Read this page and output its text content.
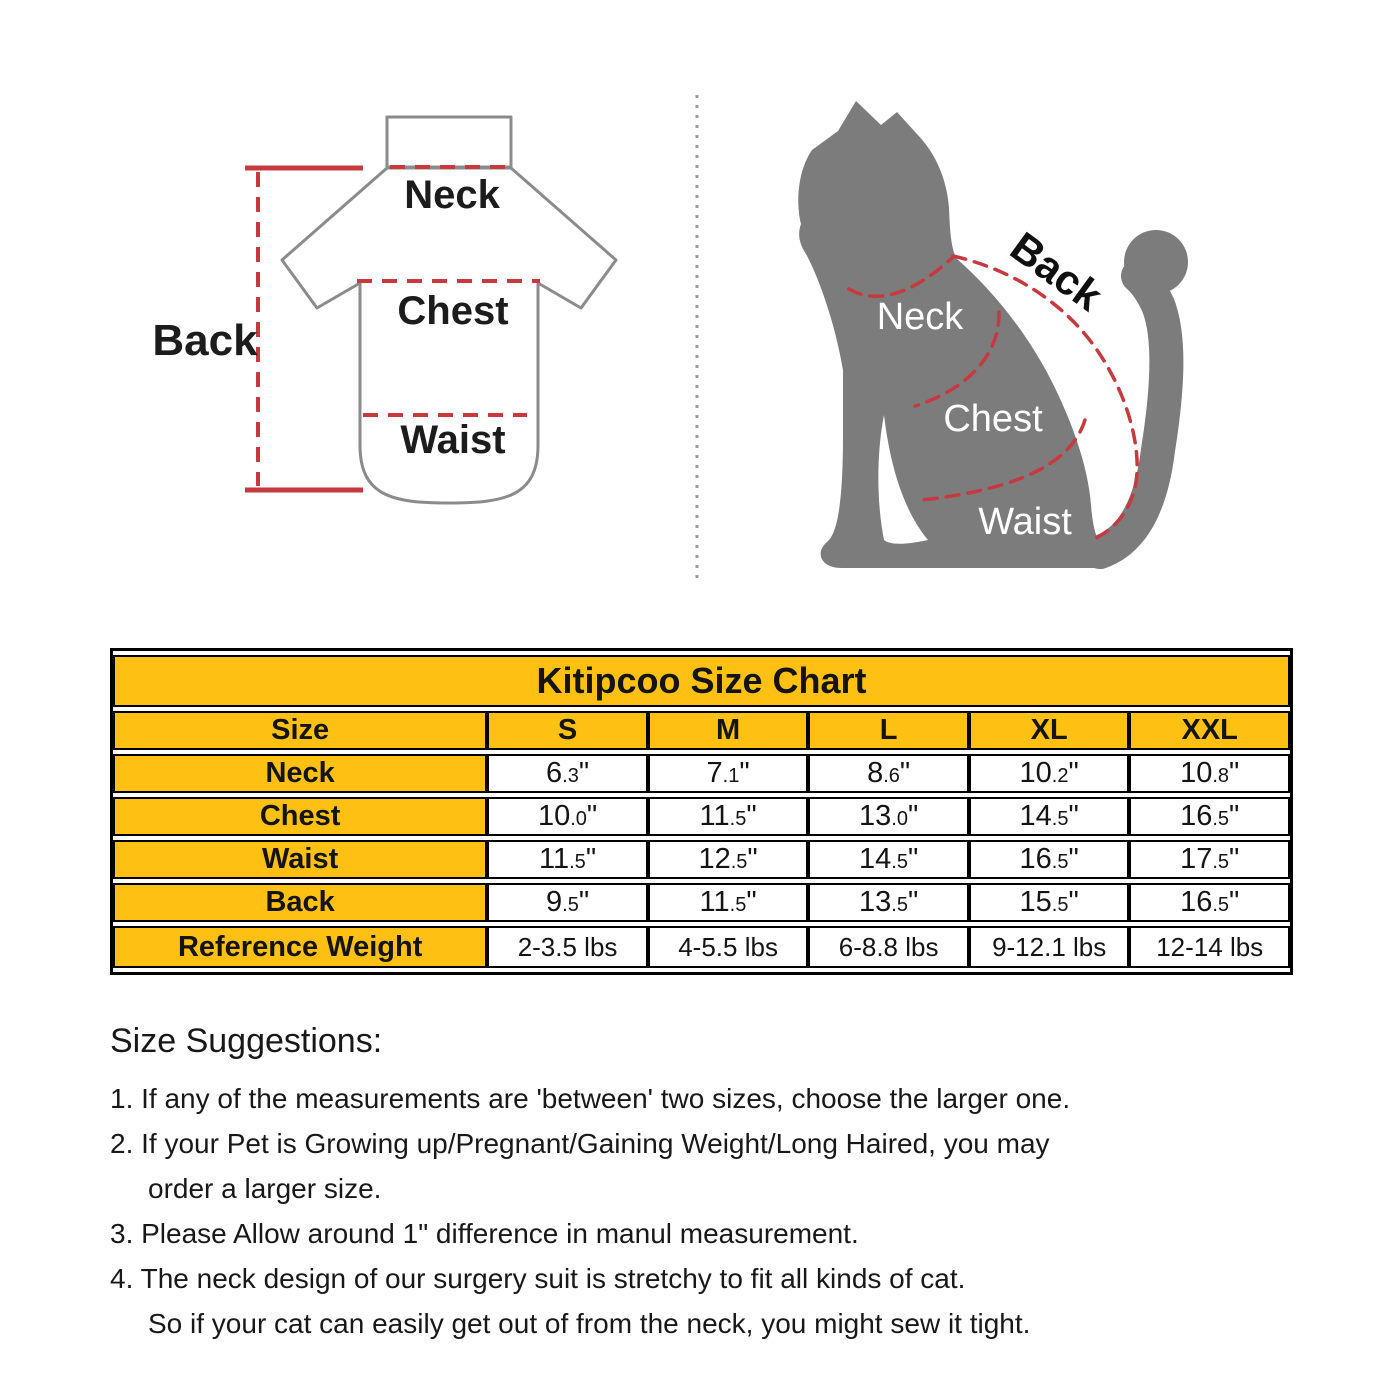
Neck
Chest
Waist
Back	Neck
Chest
Waist
Back
Kitipcoo Size Chart					
Size	S	M	L	XL	XXL
Neck	6.3"	7.1"	8.6"	10.2"	10.8"
Chest	10.0"	11.5"	13.0"	14.5"	16.5"
Waist	11.5"	12.5"	14.5"	16.5"	17.5"
Back	9.5"	11.5"	13.5"	15.5"	16.5"
Reference Weight	2-3.5 lbs	4-5.5 lbs	6-8.8 lbs	9-12.1 lbs	12-14 lbs

Size Suggestions:

1. If any of the measurements are 'between' two sizes, choose the larger one.

2. If your Pet is Growing up/Pregnant/Gaining Weight/Long Haired, you may

order a larger size.

3. Please Allow around 1" difference in manul measurement.

4. The neck design of our surgery suit is stretchy to fit all kinds of cat.

So if your cat can easily get out of from the neck, you might sew it tight.
